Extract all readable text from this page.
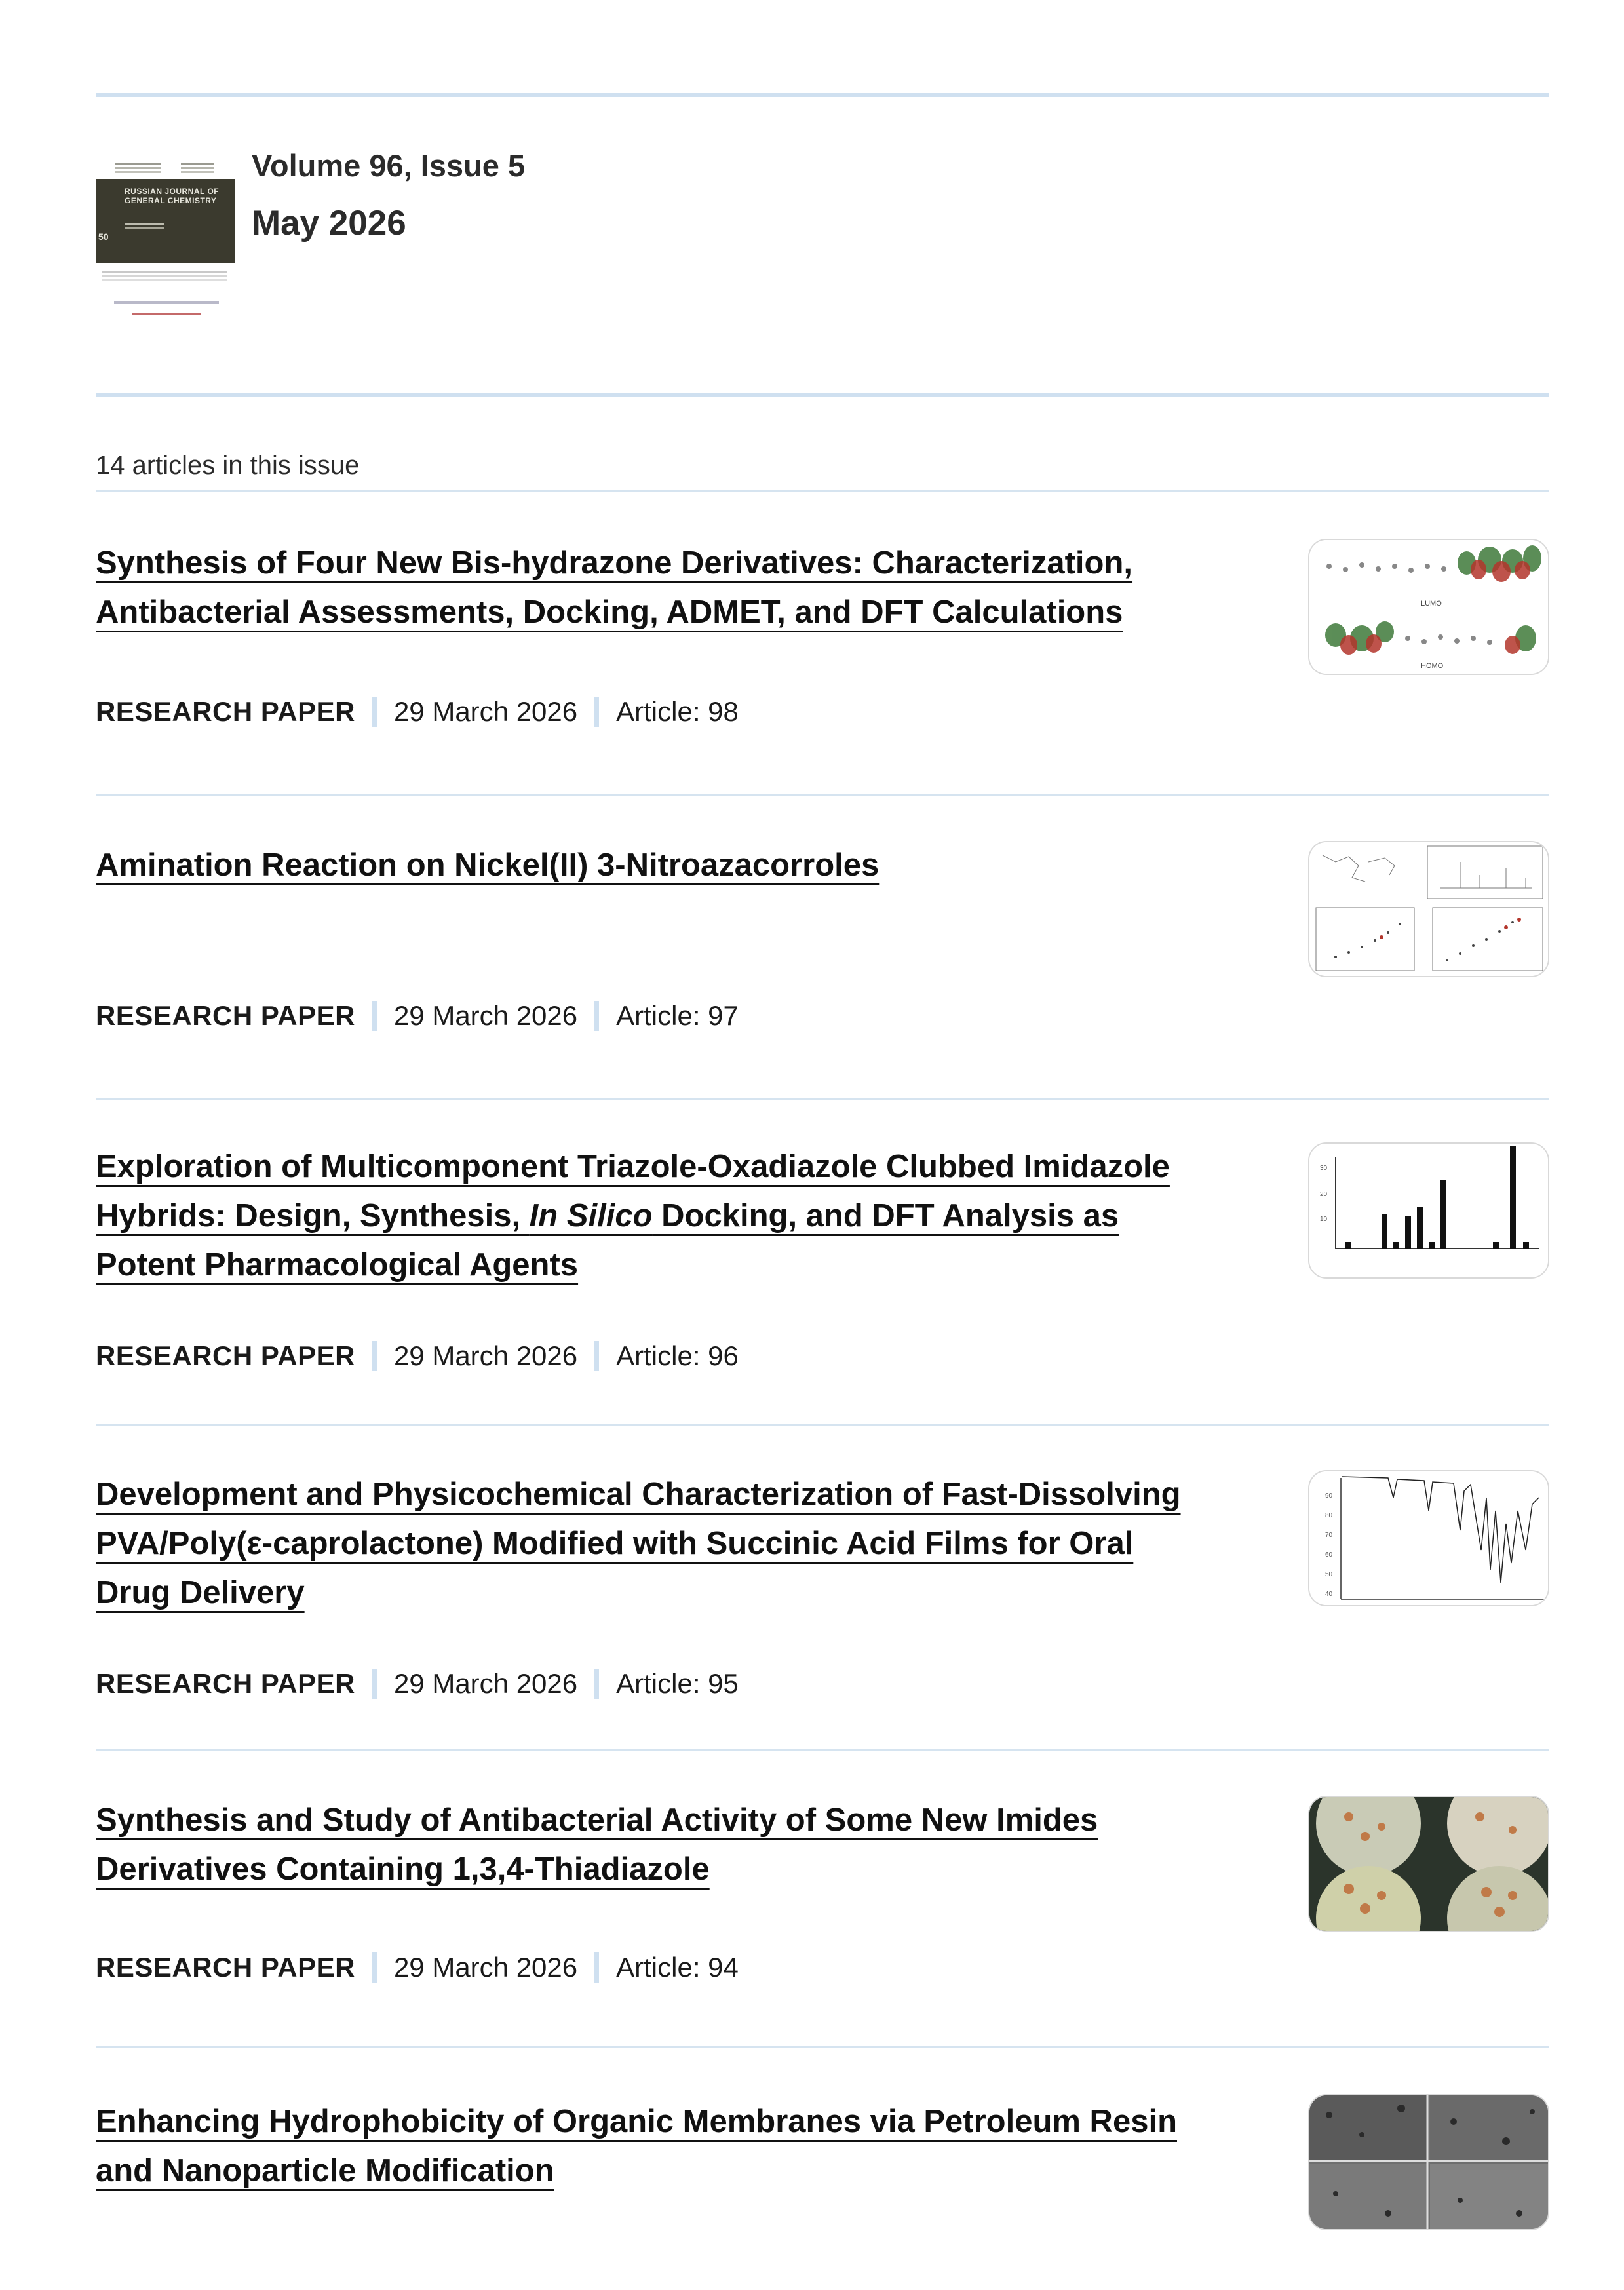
RUSSIAN JOURNAL OF
GENERAL CHEMISTRY
50
Volume 96, Issue 5
May 2026
14 articles in this issue
Synthesis of Four New Bis-hydrazone Derivatives: Characterization,
Antibacterial Assessments, Docking, ADMET, and DFT Calculations
RESEARCH PAPER 29 March 2026 Article: 98
LUMO
HOMO
Amination Reaction on Nickel(II) 3-Nitroazacorroles
RESEARCH PAPER 29 March 2026 Article: 97
Exploration of Multicomponent Triazole-Oxadiazole Clubbed Imidazole
Hybrids: Design, Synthesis, In Silico Docking, and DFT Analysis as
Potent Pharmacological Agents
RESEARCH PAPER 29 March 2026 Article: 96
30
20
10
Development and Physicochemical Characterization of Fast-Dissolving
PVA/Poly(ε-caprolactone) Modified with Succinic Acid Films for Oral
Drug Delivery
RESEARCH PAPER 29 March 2026 Article: 95
90
80
70
60
50
40
Synthesis and Study of Antibacterial Activity of Some New Imides
Derivatives Containing 1,3,4-Thiadiazole
RESEARCH PAPER 29 March 2026 Article: 94
Enhancing Hydrophobicity of Organic Membranes via Petroleum Resin
and Nanoparticle Modification
